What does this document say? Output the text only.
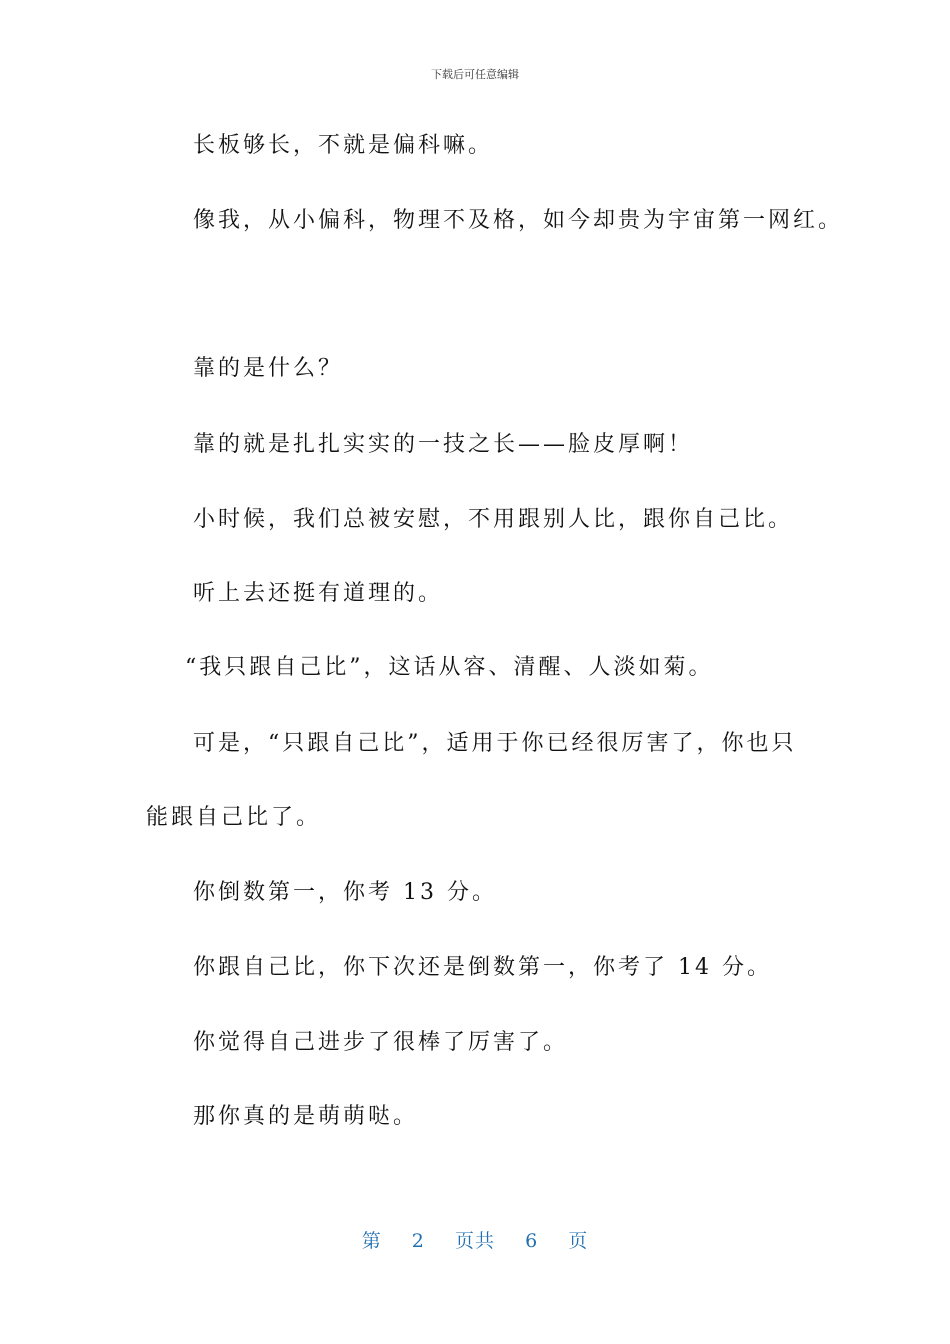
下载后可任意编辑
长板够长，不就是偏科嘛。
像我，从小偏科，物理不及格，如今却贵为宇宙第一网红。
靠的是什么？
靠的就是扎扎实实的一技之长——脸皮厚啊！
小时候，我们总被安慰，不用跟别人比，跟你自己比。
听上去还挺有道理的。
“我只跟自己比”，这话从容、清醒、人淡如菊。
可是，“只跟自己比”，适用于你已经很厉害了，你也只
能跟自己比了。
你倒数第一，你考 13 分。
你跟自己比，你下次还是倒数第一，你考了 14 分。
你觉得自己进步了很棒了厉害了。
那你真的是萌萌哒。
第 2 页共 6 页
